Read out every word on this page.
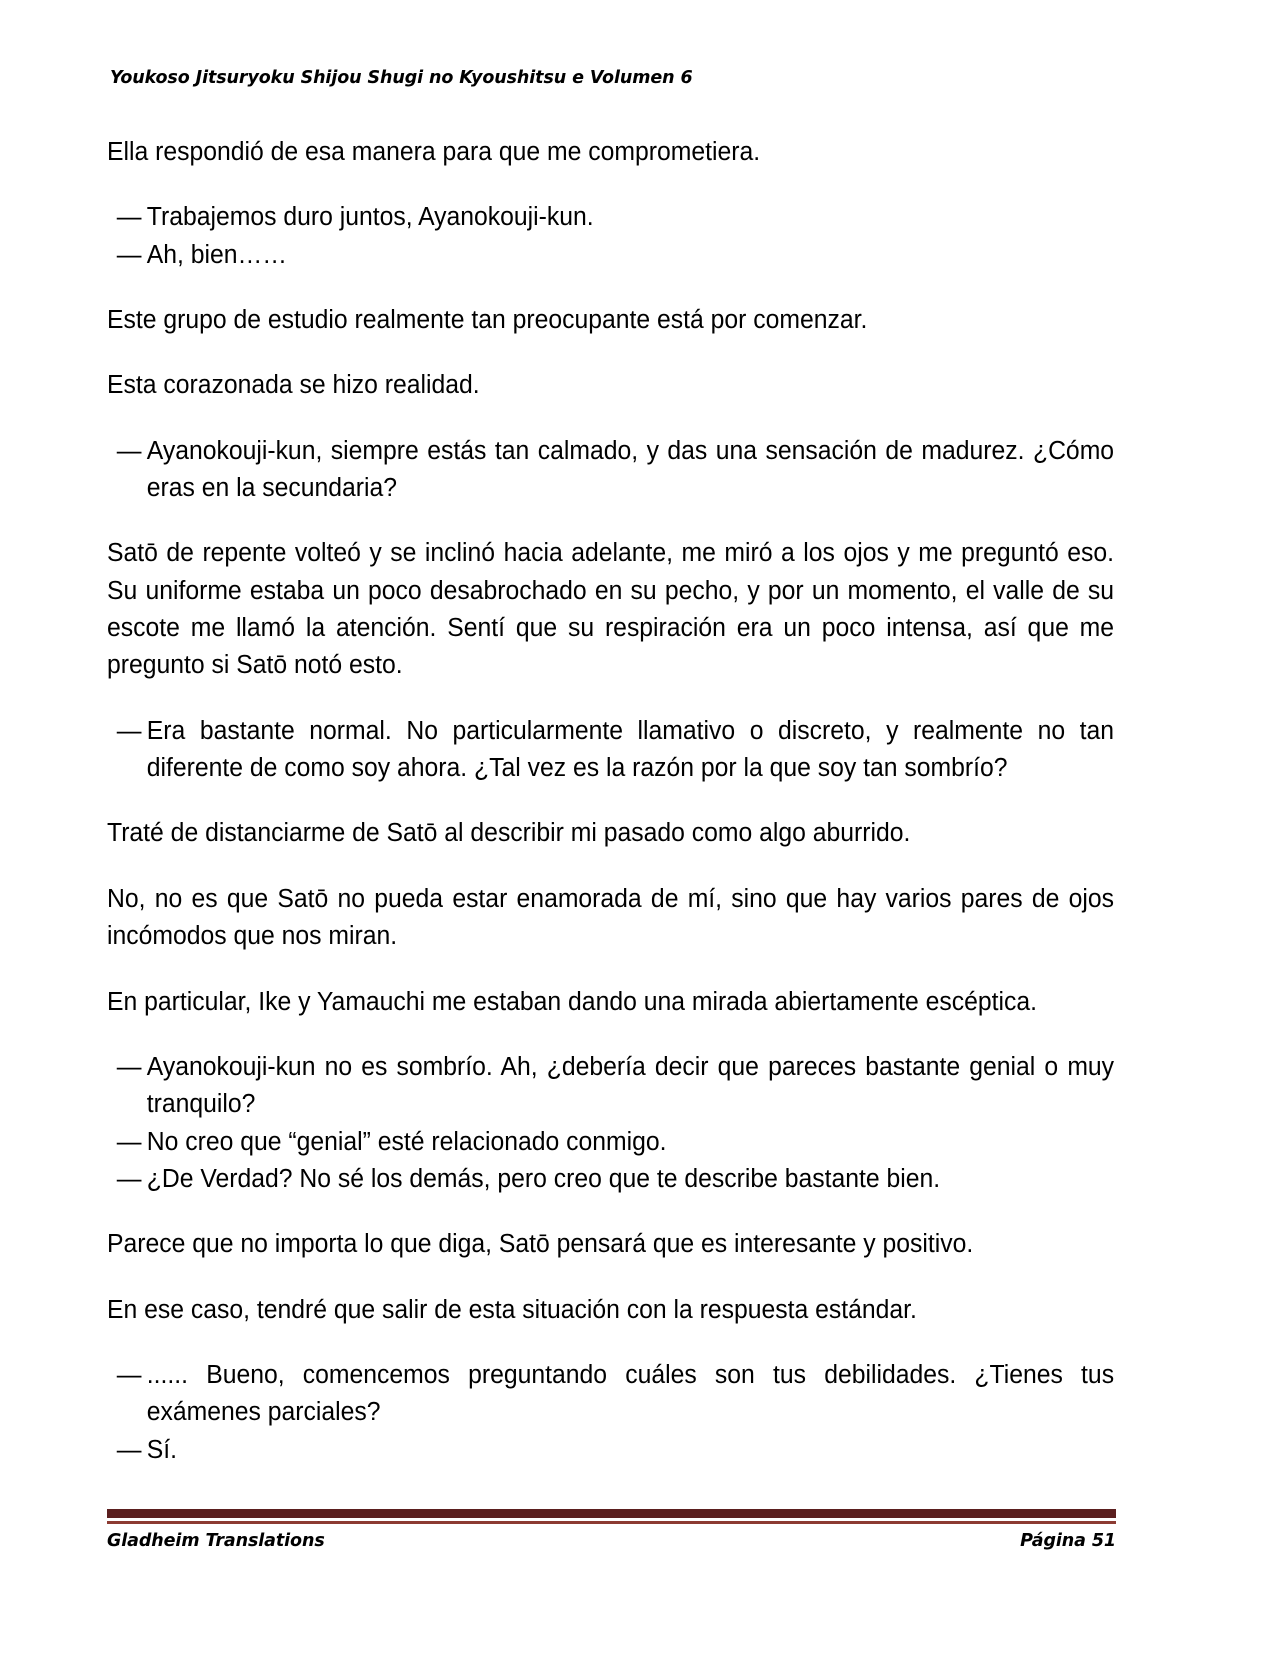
Youkoso Jitsuryoku Shijou Shugi no Kyoushitsu e Volumen 6

Ella respondió de esa manera para que me comprometiera.

— Trabajemos duro juntos, Ayanokouji-kun.
— Ah, bien……

Este grupo de estudio realmente tan preocupante está por comenzar.

Esta corazonada se hizo realidad.

— Ayanokouji-kun, siempre estás tan calmado, y das una sensación de madurez. ¿Cómo eras en la secundaria?

Satō de repente volteó y se inclinó hacia adelante, me miró a los ojos y me preguntó eso. Su uniforme estaba un poco desabrochado en su pecho, y por un momento, el valle de su escote me llamó la atención. Sentí que su respiración era un poco intensa, así que me pregunto si Satō notó esto.

— Era bastante normal. No particularmente llamativo o discreto, y realmente no tan diferente de como soy ahora. ¿Tal vez es la razón por la que soy tan sombrío?

Traté de distanciarme de Satō al describir mi pasado como algo aburrido.

No, no es que Satō no pueda estar enamorada de mí, sino que hay varios pares de ojos incómodos que nos miran.

En particular, Ike y Yamauchi me estaban dando una mirada abiertamente escéptica.

— Ayanokouji-kun no es sombrío. Ah, ¿debería decir que pareces bastante genial o muy tranquilo?
— No creo que “genial” esté relacionado conmigo.
— ¿De Verdad? No sé los demás, pero creo que te describe bastante bien.

Parece que no importa lo que diga, Satō pensará que es interesante y positivo.

En ese caso, tendré que salir de esta situación con la respuesta estándar.

— ...... Bueno, comencemos preguntando cuáles son tus debilidades. ¿Tienes tus exámenes parciales?
— Sí.
Gladheim Translations	Página 51
